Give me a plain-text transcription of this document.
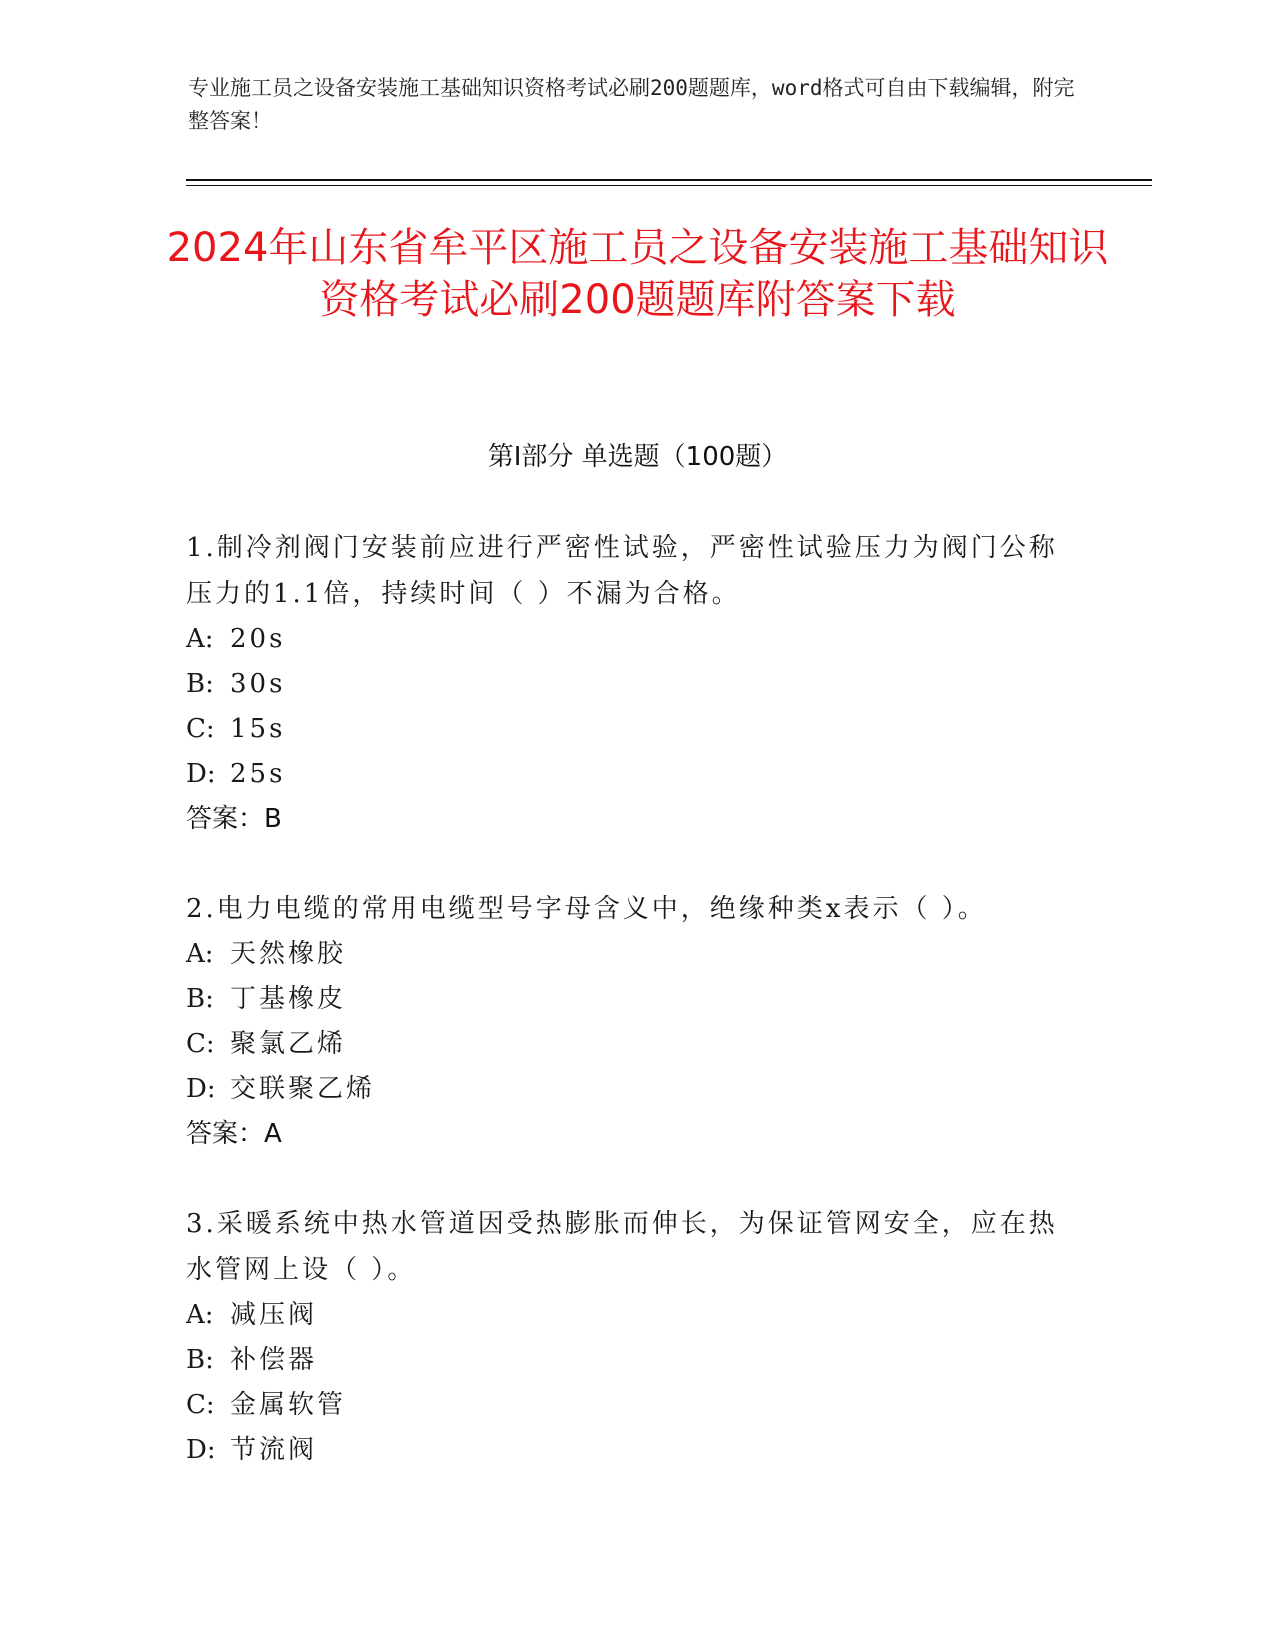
专业施工员之设备安装施工基础知识资格考试必刷200题题库，word格式可自由下载编辑，附完整答案！
2024年山东省牟平区施工员之设备安装施工基础知识资格考试必刷200题题库附答案下载
第I部分 单选题（100题）

1.制冷剂阀门安装前应进行严密性试验，严密性试验压力为阀门公称压力的1.1倍，持续时间（ ）不漏为合格。

A: 20s

B: 30s

C: 15s

D: 25s

答案：B

2.电力电缆的常用电缆型号字母含义中，绝缘种类x表示（ ）。

A: 天然橡胶

B: 丁基橡皮

C: 聚氯乙烯

D: 交联聚乙烯

答案：A

3.采暖系统中热水管道因受热膨胀而伸长，为保证管网安全，应在热水管网上设（ ）。

A: 减压阀

B: 补偿器

C: 金属软管

D: 节流阀
